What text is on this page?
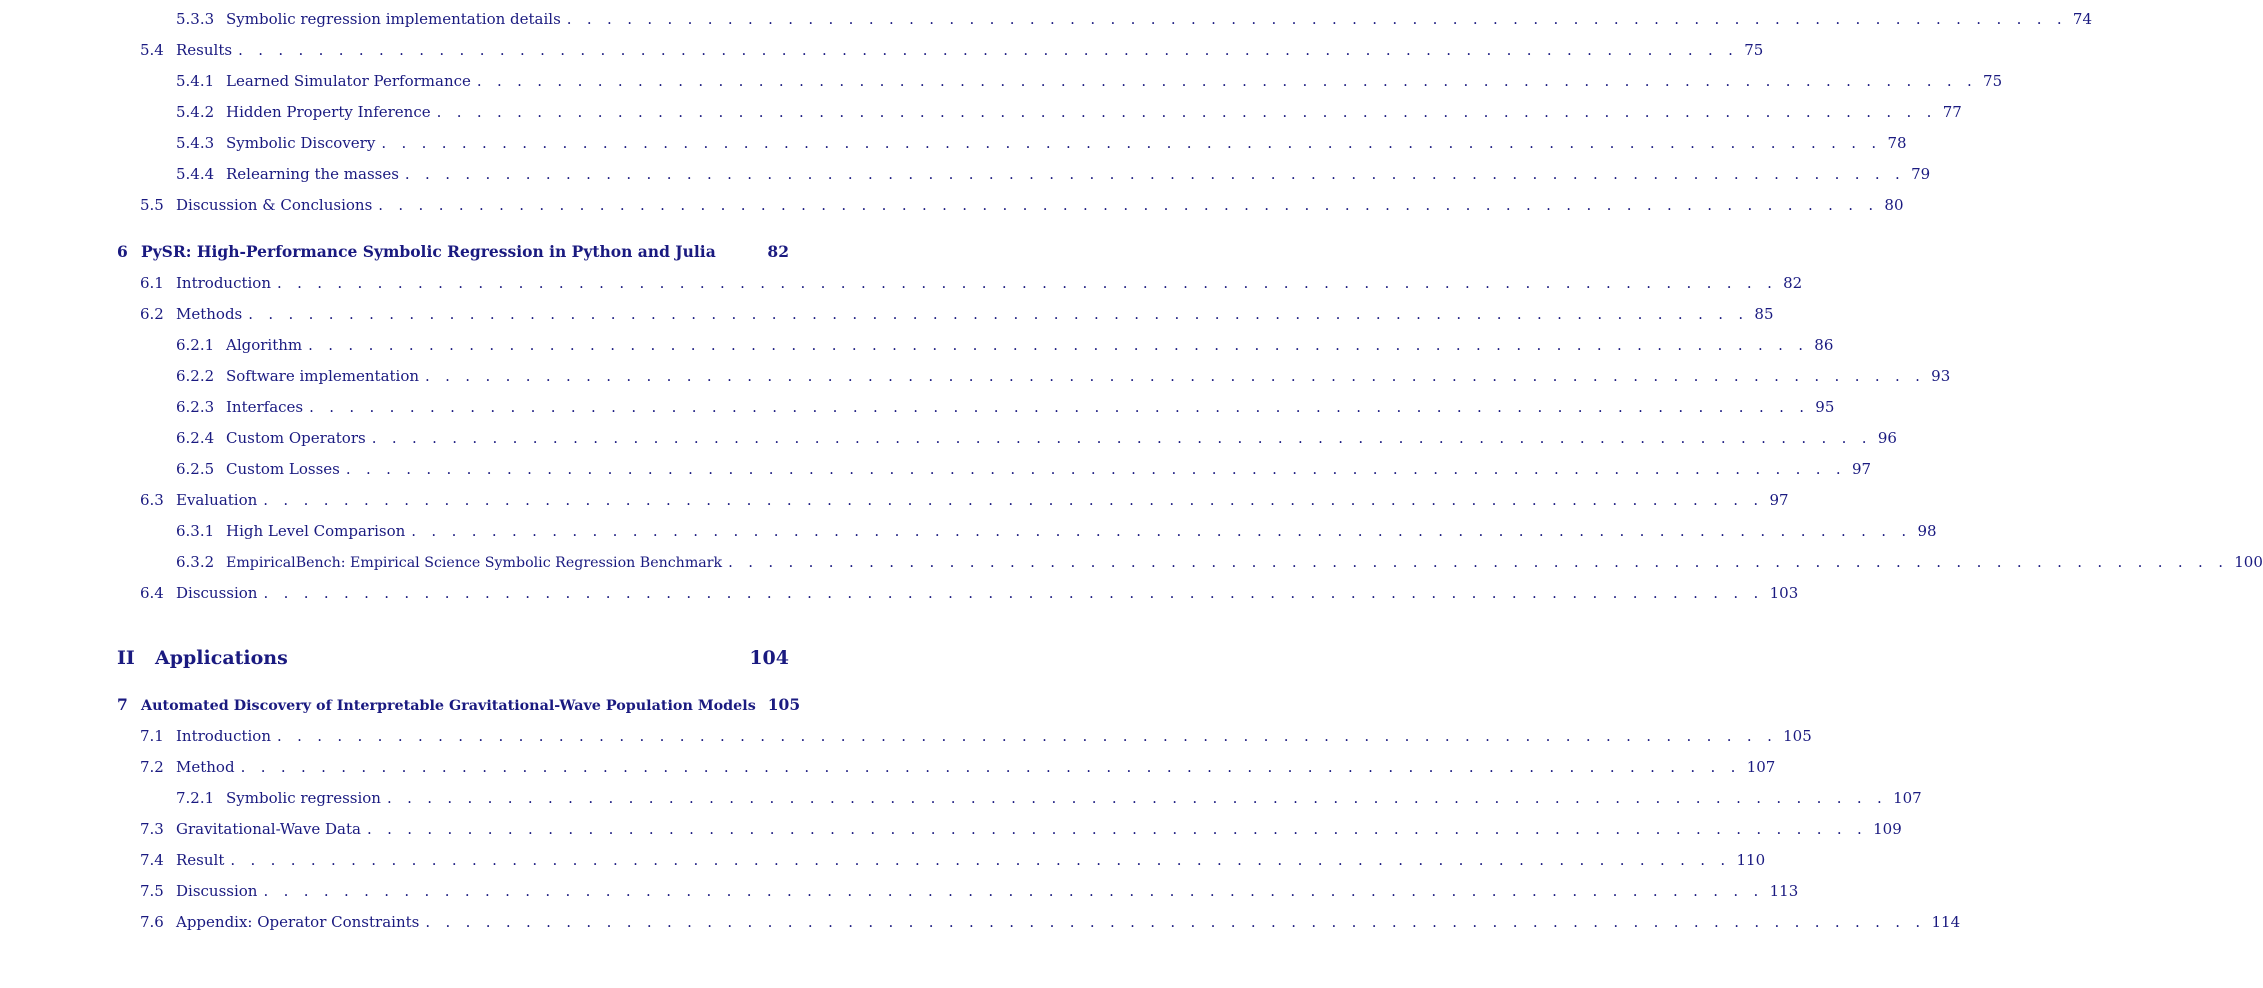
5.3.3 Symbolic regression implementation details . . . . . . . . . . . . . . . . . . . . . . . . . . . . . . . . . . . . . . . . . . . . . . . . . . . . . . . . . . . . . . . . . . . . . . . . . . . 74
5.4 Results . . . . . . . . . . . . . . . . . . . . . . . . . . . . . . . . . . . . . . . . . . . . . . . . . . . . . . . . . . . . . . . . . . . . . . . . . . . 75
5.4.1 Learned Simulator Performance . . . . . . . . . . . . . . . . . . . . . . . . . . . . . . . . . . . . . . . . . . . . . . . . . . . . . . . . . . . . . . . . . . . . . . . . . . . 75
5.4.2 Hidden Property Inference . . . . . . . . . . . . . . . . . . . . . . . . . . . . . . . . . . . . . . . . . . . . . . . . . . . . . . . . . . . . . . . . . . . . . . . . . . . 77
5.4.3 Symbolic Discovery . . . . . . . . . . . . . . . . . . . . . . . . . . . . . . . . . . . . . . . . . . . . . . . . . . . . . . . . . . . . . . . . . . . . . . . . . . . 78
5.4.4 Relearning the masses . . . . . . . . . . . . . . . . . . . . . . . . . . . . . . . . . . . . . . . . . . . . . . . . . . . . . . . . . . . . . . . . . . . . . . . . . . . 79
5.5 Discussion & Conclusions . . . . . . . . . . . . . . . . . . . . . . . . . . . . . . . . . . . . . . . . . . . . . . . . . . . . . . . . . . . . . . . . . . . . . . . . . . . 80
6 PySR: High-Performance Symbolic Regression in Python and Julia	82
6.1 Introduction . . . . . . . . . . . . . . . . . . . . . . . . . . . . . . . . . . . . . . . . . . . . . . . . . . . . . . . . . . . . . . . . . . . . . . . . . . . 82
6.2 Methods . . . . . . . . . . . . . . . . . . . . . . . . . . . . . . . . . . . . . . . . . . . . . . . . . . . . . . . . . . . . . . . . . . . . . . . . . . . 85
6.2.1 Algorithm . . . . . . . . . . . . . . . . . . . . . . . . . . . . . . . . . . . . . . . . . . . . . . . . . . . . . . . . . . . . . . . . . . . . . . . . . . . 86
6.2.2 Software implementation . . . . . . . . . . . . . . . . . . . . . . . . . . . . . . . . . . . . . . . . . . . . . . . . . . . . . . . . . . . . . . . . . . . . . . . . . . . 93
6.2.3 Interfaces . . . . . . . . . . . . . . . . . . . . . . . . . . . . . . . . . . . . . . . . . . . . . . . . . . . . . . . . . . . . . . . . . . . . . . . . . . . 95
6.2.4 Custom Operators . . . . . . . . . . . . . . . . . . . . . . . . . . . . . . . . . . . . . . . . . . . . . . . . . . . . . . . . . . . . . . . . . . . . . . . . . . . 96
6.2.5 Custom Losses . . . . . . . . . . . . . . . . . . . . . . . . . . . . . . . . . . . . . . . . . . . . . . . . . . . . . . . . . . . . . . . . . . . . . . . . . . . 97
6.3 Evaluation . . . . . . . . . . . . . . . . . . . . . . . . . . . . . . . . . . . . . . . . . . . . . . . . . . . . . . . . . . . . . . . . . . . . . . . . . . . 97
6.3.1 High Level Comparison . . . . . . . . . . . . . . . . . . . . . . . . . . . . . . . . . . . . . . . . . . . . . . . . . . . . . . . . . . . . . . . . . . . . . . . . . . . 98
6.3.2 EmpiricalBench: Empirical Science Symbolic Regression Benchmark . . . . . . . . . . . . . . . . . . . . . . . . . . . . . . . . . . . . . . . . . . . . . . . . . . . . . . . . . . . . . . . . . . . . . . . . . . . 100
6.4 Discussion . . . . . . . . . . . . . . . . . . . . . . . . . . . . . . . . . . . . . . . . . . . . . . . . . . . . . . . . . . . . . . . . . . . . . . . . . . . 103
II	Applications	104
7 Automated Discovery of Interpretable Gravitational-Wave Population Models 105
7.1 Introduction . . . . . . . . . . . . . . . . . . . . . . . . . . . . . . . . . . . . . . . . . . . . . . . . . . . . . . . . . . . . . . . . . . . . . . . . . . . 105
7.2 Method . . . . . . . . . . . . . . . . . . . . . . . . . . . . . . . . . . . . . . . . . . . . . . . . . . . . . . . . . . . . . . . . . . . . . . . . . . . 107
7.2.1 Symbolic regression . . . . . . . . . . . . . . . . . . . . . . . . . . . . . . . . . . . . . . . . . . . . . . . . . . . . . . . . . . . . . . . . . . . . . . . . . . . 107
7.3 Gravitational-Wave Data . . . . . . . . . . . . . . . . . . . . . . . . . . . . . . . . . . . . . . . . . . . . . . . . . . . . . . . . . . . . . . . . . . . . . . . . . . . 109
7.4 Result . . . . . . . . . . . . . . . . . . . . . . . . . . . . . . . . . . . . . . . . . . . . . . . . . . . . . . . . . . . . . . . . . . . . . . . . . . . 110
7.5 Discussion . . . . . . . . . . . . . . . . . . . . . . . . . . . . . . . . . . . . . . . . . . . . . . . . . . . . . . . . . . . . . . . . . . . . . . . . . . . 113
7.6 Appendix: Operator Constraints . . . . . . . . . . . . . . . . . . . . . . . . . . . . . . . . . . . . . . . . . . . . . . . . . . . . . . . . . . . . . . . . . . . . . . . . . . . 114
